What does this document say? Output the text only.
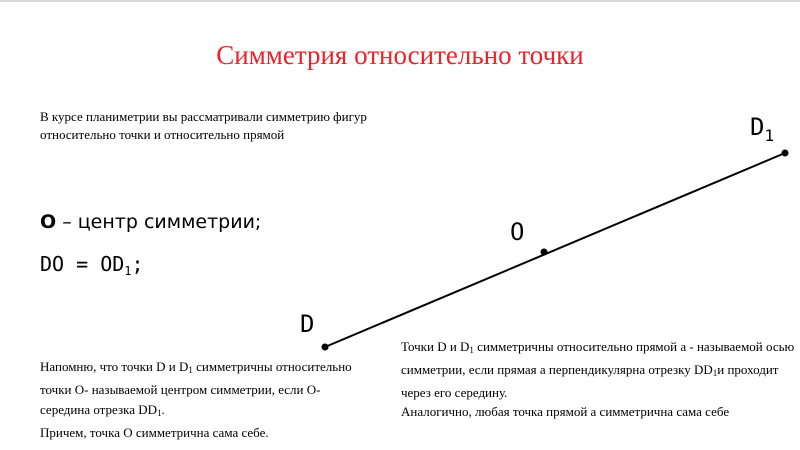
Симметрия относительно точки
В курсе планиметрии вы рассматривали симметрию фигур относительно точки и относительно прямой
O – центр симметрии;
DO = $OD_1$;
D
O
$D_1$
Напомню, что точки D и $D_1$ симметричны относительно точки О- называемой центром симметрии, если О- середина отрезка $DD_1$.
Причем, точка О симметрична сама себе.
Точки D и $D_1$ симметричны относительно прямой а - называемой осью симметрии, если прямая а перпендикулярна отрезку $DD_1и$ проходит через его середину.
Аналогично, любая точка прямой а симметрична сама себе
